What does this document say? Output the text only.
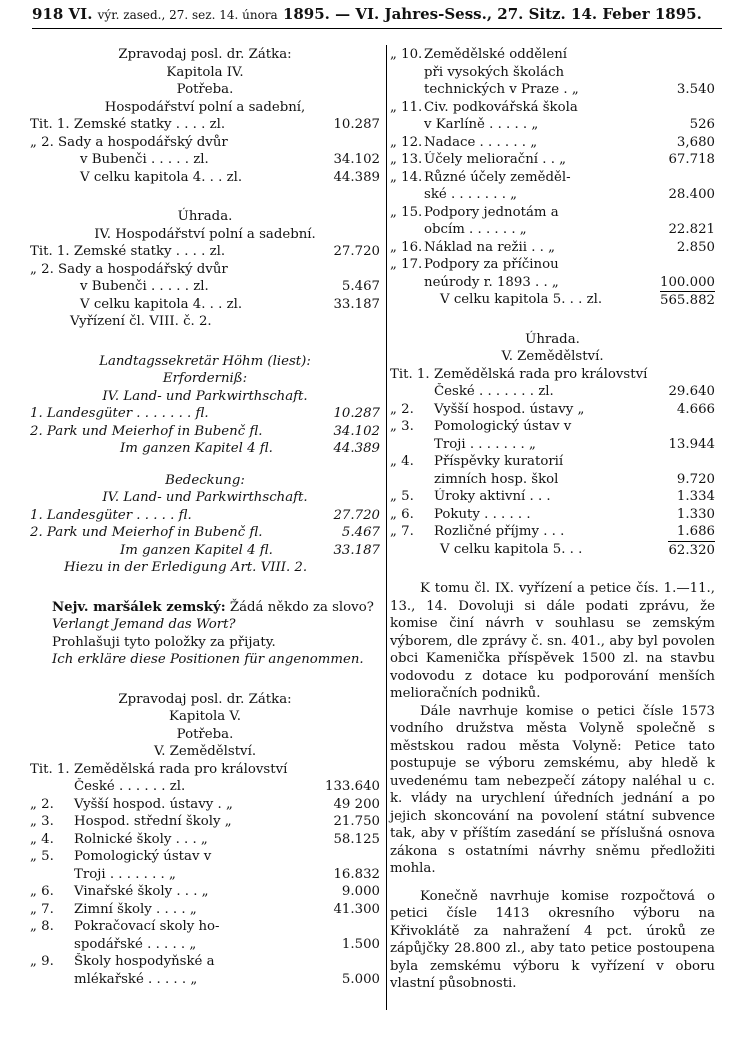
918 VI. výr. zased., 27. sez. 14. února 1895. — VI. Jahres-Sess., 27. Sitz. 14. Feber 1895.
Zpravodaj posl. dr. Zátka:
Kapitola IV.
Potřeba.
Hospodářství polní a sadební,
Tit. 1. Zemské statky . . . . zl.	10.287
„ 2. Sady a hospodářský dvůr
v Bubenči . . . . . zl.	34.102
V celku kapitola 4. . . zl.	44.389
Úhrada.
IV. Hospodářství polní a sadební.
Tit. 1. Zemské statky . . . . zl.	27.720
„ 2. Sady a hospodářský dvůr
v Bubenči . . . . . zl.	5.467
V celku kapitola 4. . . zl.	33.187
Vyřízení čl. VIII. č. 2.
Landtagssekretär Höhm (liest):
Erforderniß:
IV. Land- und Parkwirthschaft.
1. Landesgüter . . . . . . . fl.	10.287
2. Park und Meierhof in Bubenč fl.	34.102
Im ganzen Kapitel 4 fl.	44.389
Bedeckung:
IV. Land- und Parkwirthschaft.
1. Landesgüter . . . . . fl.	27.720
2. Park und Meierhof in Bubenč fl.	5.467
Im ganzen Kapitel 4 fl.	33.187
Hiezu in der Erledigung Art. VIII. 2.
Nejv. maršálek zemský: Žádá někdo za slovo?
Verlangt Jemand das Wort?
Prohlašuji tyto položky za přijaty.
Ich erkläre diese Positionen für angenommen.
Zpravodaj posl. dr. Zátka:
Kapitola V.
Potřeba.
V. Zemědělství.
Tit. 1. Zemědělská rada pro království
České . . . . . . zl.	133.640
„ 2. Vyšší hospod. ústavy . „	49 200
„ 3. Hospod. střední školy „	21.750
„ 4. Rolnické školy . . . „	58.125
„ 5. Pomologický ústav v
Troji . . . . . . . „	16.832
„ 6. Vinařské školy . . . „	9.000
„ 7. Zimní školy . . . . „	41.300
„ 8. Pokračovací skoly ho-
spodářské . . . . . „	1.500
„ 9. Školy hospodyňské a
mlékařské . . . . . „	5.000
„ 10. Zemědělské oddělení
při vysokých školách
technických v Praze . „	3.540
„ 11. Civ. podkovářská škola
v Karlíně . . . . . „	526
„ 12. Nadace . . . . . . „	3,680
„ 13. Účely meliorační . . „	67.718
„ 14. Různé účely zeměděl-
ské . . . . . . . „	28.400
„ 15. Podpory jednotám a
obcím . . . . . . „	22.821
„ 16. Náklad na režii . . „	2.850
„ 17. Podpory za příčinou
neúrody r. 1893 . . „	100.000
V celku kapitola 5. . . zl.	565.882
Úhrada.
V. Zemědělství.
Tit. 1. Zemědělská rada pro království
České . . . . . . . zl.	29.640
„ 2. Vyšší hospod. ústavy „	4.666
„ 3. Pomologický ústav v
Troji . . . . . . . „	13.944
„ 4. Příspěvky kuratorií
zimních hosp. škol	9.720
„ 5. Úroky aktivní . . .	1.334
„ 6. Pokuty . . . . . .	1.330
„ 7. Rozličné příjmy . . .	1.686
V celku kapitola 5. . .	62.320
K tomu čl. IX. vyřízení a petice čís. 1.—11., 13., 14. Dovoluji si dále podati zprávu, že komise činí návrh v souhlasu se zemským výborem, dle zprávy č. sn. 401., aby byl povolen obci Kamenička příspěvek 1500 zl. na stavbu vodovodu z dotace ku podporování menších melioračních podniků.
Dále navrhuje komise o petici čísle 1573 vodního družstva města Volyně společně s městskou radou města Volyně: Petice tato postupuje se výboru zemskému, aby hledě k uvedenému tam nebezpečí zátopy naléhal u c. k. vlády na urychlení úředních jednání a po jejich skoncování na povolení státní subvence tak, aby v příštím zasedání se příslušná osnova zákona s ostatními návrhy sněmu předložiti mohla.
Konečně navrhuje komise rozpočtová o petici čísle 1413 okresního výboru na Křivoklátě za nahražení 4 pct. úroků ze zápůjčky 28.800 zl., aby tato petice postoupena byla zemskému výboru k vyřízení v oboru vlastní působnosti.
